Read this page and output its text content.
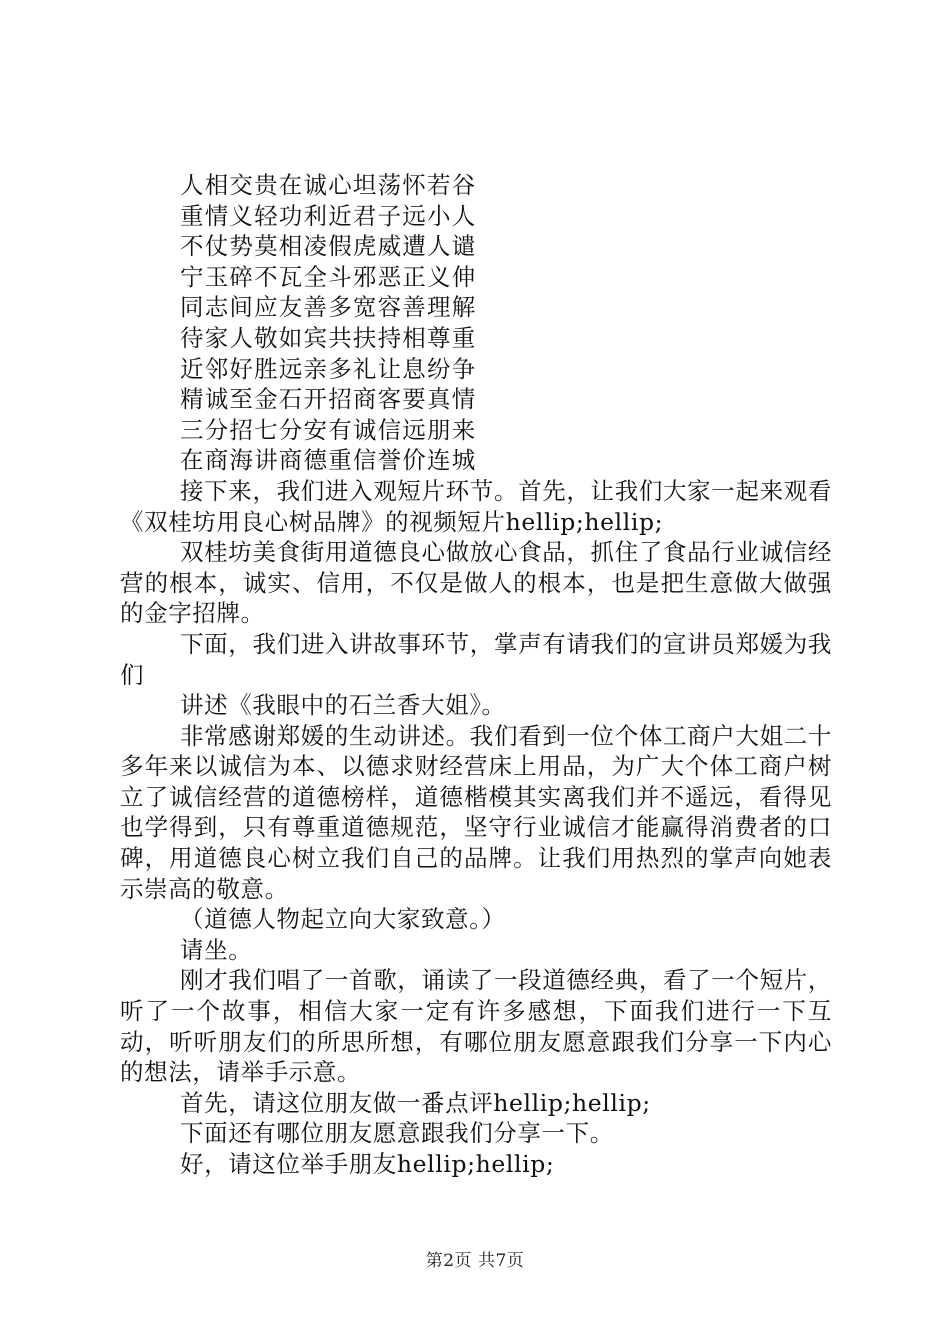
人相交贵在诚心坦荡怀若谷

重情义轻功利近君子远小人

不仗势莫相凌假虎威遭人谴

宁玉碎不瓦全斗邪恶正义伸

同志间应友善多宽容善理解

待家人敬如宾共扶持相尊重

近邻好胜远亲多礼让息纷争

精诚至金石开招商客要真情

三分招七分安有诚信远朋来

在商海讲商德重信誉价连城

接下来，我们进入观短片环节。首先，让我们大家一起来观看《双桂坊用良心树品牌》的视频短片hellip;hellip;

双桂坊美食街用道德良心做放心食品，抓住了食品行业诚信经营的根本，诚实、信用，不仅是做人的根本，也是把生意做大做强的金字招牌。

下面，我们进入讲故事环节，掌声有请我们的宣讲员郑媛为我们

讲述《我眼中的石兰香大姐》。

非常感谢郑媛的生动讲述。我们看到一位个体工商户大姐二十多年来以诚信为本、以德求财经营床上用品，为广大个体工商户树立了诚信经营的道德榜样，道德楷模其实离我们并不遥远，看得见也学得到，只有尊重道德规范，坚守行业诚信才能赢得消费者的口碑，用道德良心树立我们自己的品牌。让我们用热烈的掌声向她表示崇高的敬意。

（道德人物起立向大家致意。）

请坐。

刚才我们唱了一首歌，诵读了一段道德经典，看了一个短片，听了一个故事，相信大家一定有许多感想，下面我们进行一下互动，听听朋友们的所思所想，有哪位朋友愿意跟我们分享一下内心的想法，请举手示意。

首先，请这位朋友做一番点评hellip;hellip;

下面还有哪位朋友愿意跟我们分享一下。

好，请这位举手朋友hellip;hellip;

第2页 共7页
